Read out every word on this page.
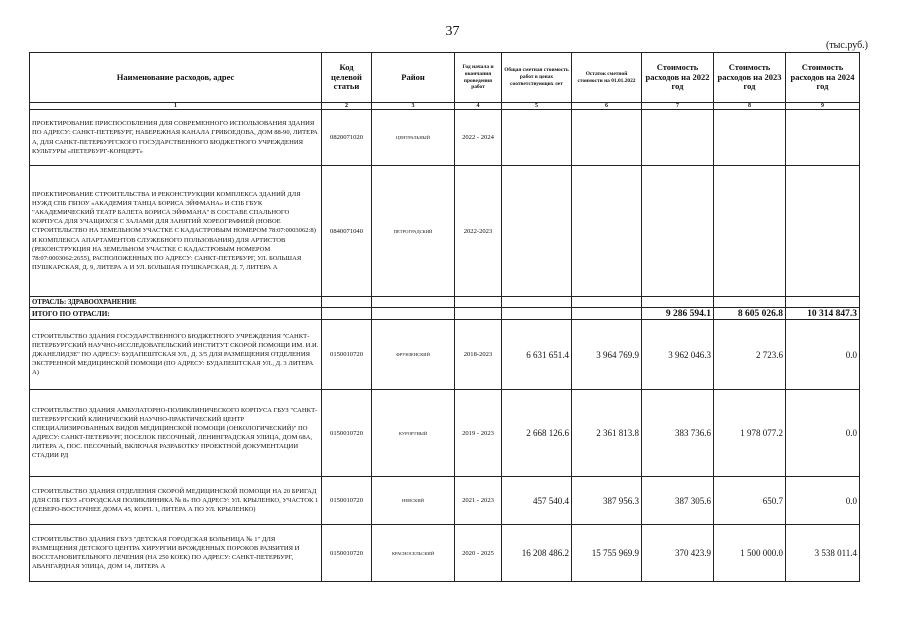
37
(тыс.руб.)
Наименование расходов, адрес	Код целевой статьи	Район	Год начала и окончания проведения работ	Общая сметная стоимость работ в ценах соответствующих лет	Остаток сметной стоимости на 01.01.2022	Стоимость расходов на 2022 год	Стоимость расходов на 2023 год	Стоимость расходов на 2024 год
1	2	3	4	5	6	7	8	9
ПРОЕКТИРОВАНИЕ ПРИСПОСОБЛЕНИЯ ДЛЯ СОВРЕМЕННОГО ИСПОЛЬЗОВАНИЯ ЗДАНИЯ ПО АДРЕСУ: САНКТ-ПЕТЕРБУРГ, НАБЕРЕЖНАЯ КАНАЛА ГРИБОЕДОВА, ДОМ 88-90, ЛИТЕРА А, ДЛЯ САНКТ-ПЕТЕРБУРГСКОГО ГОСУДАРСТВЕННОГО БЮДЖЕТНОГО УЧРЕЖДЕНИЯ КУЛЬТУРЫ «ПЕТЕРБУРГ-КОНЦЕРТ»	0820071020	ЦЕНТРАЛЬНЫЙ	2022 - 2024					
ПРОЕКТИРОВАНИЕ СТРОИТЕЛЬСТВА И РЕКОНСТРУКЦИИ КОМПЛЕКСА ЗДАНИЙ ДЛЯ НУЖД СПБ ГБПОУ «АКАДЕМИЯ ТАНЦА БОРИСА ЭЙФМАНА» И СПБ ГБУК "АКАДЕМИЧЕСКИЙ ТЕАТР БАЛЕТА БОРИСА ЭЙФМАНА" В СОСТАВЕ СПАЛЬНОГО КОРПУСА ДЛЯ УЧАЩИХСЯ С ЗАЛАМИ ДЛЯ ЗАНЯТИЙ ХОРЕОГРАФИЕЙ (НОВОЕ СТРОИТЕЛЬСТВО НА ЗЕМЕЛЬНОМ УЧАСТКЕ С КАДАСТРОВЫМ НОМЕРОМ 78:07:0003062:8) И КОМПЛЕКСА АПАРТАМЕНТОВ СЛУЖЕБНОГО ПОЛЬЗОВАНИЯ) ДЛЯ АРТИСТОВ (РЕКОНСТРУКЦИЯ НА ЗЕМЕЛЬНОМ УЧАСТКЕ С КАДАСТРОВЫМ НОМЕРОМ 78:07:0003062:2655), РАСПОЛОЖЕННЫХ ПО АДРЕСУ: САНКТ-ПЕТЕРБУРГ, УЛ. БОЛЬШАЯ ПУШКАРСКАЯ, Д. 9, ЛИТЕРА А И УЛ. БОЛЬШАЯ ПУШКАРСКАЯ, Д. 7, ЛИТЕРА А	0840071040	ПЕТРОГРАДСКИЙ	2022-2023					
ОТРАСЛЬ: ЗДРАВООХРАНЕНИЕ								
ИТОГО ПО ОТРАСЛИ:						9 286 594.1	8 605 026.8	10 314 847.3
СТРОИТЕЛЬСТВО ЗДАНИЯ ГОСУДАРСТВЕННОГО БЮДЖЕТНОГО УЧРЕЖДЕНИЯ "САНКТ-ПЕТЕРБУРГСКИЙ НАУЧНО-ИССЛЕДОВАТЕЛЬСКИЙ ИНСТИТУТ СКОРОЙ ПОМОЩИ ИМ. И.И. ДЖАНЕЛИДЗЕ" ПО АДРЕСУ: БУДАПЕШТСКАЯ УЛ., Д. 3/5 ДЛЯ РАЗМЕЩЕНИЯ ОТДЕЛЕНИЯ ЭКСТРЕННОЙ МЕДИЦИНСКОЙ ПОМОЩИ (ПО АДРЕСУ: БУДАПЕШТСКАЯ УЛ., Д. 3 ЛИТЕРА А)	0150010720	ФРУНЗЕНСКИЙ	2018-2023	6 631 651.4	3 964 769.9	3 962 046.3	2 723.6	0.0
СТРОИТЕЛЬСТВО ЗДАНИЯ АМБУЛАТОРНО-ПОЛИКЛИНИЧЕСКОГО КОРПУСА ГБУЗ "САНКТ-ПЕТЕРБУРГСКИЙ КЛИНИЧЕСКИЙ НАУЧНО-ПРАКТИЧЕСКИЙ ЦЕНТР СПЕЦИАЛИЗИРОВАННЫХ ВИДОВ МЕДИЦИНСКОЙ ПОМОЩИ (ОНКОЛОГИЧЕСКИЙ)" ПО АДРЕСУ: САНКТ-ПЕТЕРБУРГ, ПОСЕЛОК ПЕСОЧНЫЙ, ЛЕНИНГРАДСКАЯ УЛИЦА, ДОМ 68А, ЛИТЕРА А, ПОС. ПЕСОЧНЫЙ, ВКЛЮЧАЯ РАЗРАБОТКУ ПРОЕКТНОЙ ДОКУМЕНТАЦИИ СТАДИИ РД	0150010720	КУРОРТНЫЙ	2019 - 2023	2 668 126.6	2 361 813.8	383 736.6	1 978 077.2	0.0
СТРОИТЕЛЬСТВО ЗДАНИЯ ОТДЕЛЕНИЯ СКОРОЙ МЕДИЦИНСКОЙ ПОМОЩИ НА 20 БРИГАД ДЛЯ СПБ ГБУЗ «ГОРОДСКАЯ ПОЛИКЛИНИКА № 8» ПО АДРЕСУ: УЛ. КРЫЛЕНКО, УЧАСТОК 1 (СЕВЕРО-ВОСТОЧНЕЕ ДОМА 45, КОРП. 1, ЛИТЕРА А ПО УЛ. КРЫЛЕНКО)	0150010720	НЕВСКИЙ	2021 - 2023	457 540.4	387 956.3	387 305.6	650.7	0.0
СТРОИТЕЛЬСТВО ЗДАНИЯ ГБУЗ "ДЕТСКАЯ ГОРОДСКАЯ БОЛЬНИЦА № 1" ДЛЯ РАЗМЕЩЕНИЯ ДЕТСКОГО ЦЕНТРА ХИРУРГИИ ВРОЖДЕННЫХ ПОРОКОВ РАЗВИТИЯ И ВОССТАНОВИТЕЛЬНОГО ЛЕЧЕНИЯ (НА 250 КОЕК) ПО АДРЕСУ: САНКТ-ПЕТЕРБУРГ, АВАНГАРДНАЯ УЛИЦА, ДОМ 14, ЛИТЕРА А	0150010720	КРАСНОСЕЛЬСКИЙ	2020 - 2025	16 208 486.2	15 755 969.9	370 423.9	1 500 000.0	3 538 011.4
